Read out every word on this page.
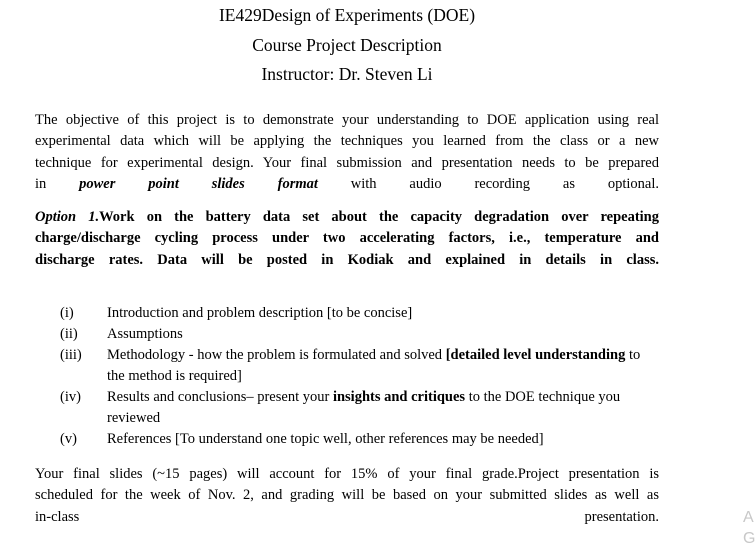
IE429Design of Experiments (DOE)
Course Project Description
Instructor: Dr. Steven Li
The objective of this project is to demonstrate your understanding to DOE application using real
experimental data which will be applying the techniques you learned from the class or a new
technique for experimental design. Your final submission and presentation needs to be prepared
in power point slides format with audio recording as optional.
Option 1.Work on the battery data set about the capacity degradation over repeating
charge/discharge cycling process under two accelerating factors, i.e., temperature and
discharge rates. Data will be posted in Kodiak and explained in details in class.
(i) Introduction and problem description [to be concise]
(ii) Assumptions
(iii) Methodology - how the problem is formulated and solved [detailed level understanding to the method is required]
(iv) Results and conclusions– present your insights and critiques to the DOE technique you reviewed
(v) References [To understand one topic well, other references may be needed]
Your final slides (~15 pages) will account for 15% of your final grade.Project presentation is
scheduled for the week of Nov. 2, and grading will be based on your submitted slides as well as
in-class presentation.	A
G
